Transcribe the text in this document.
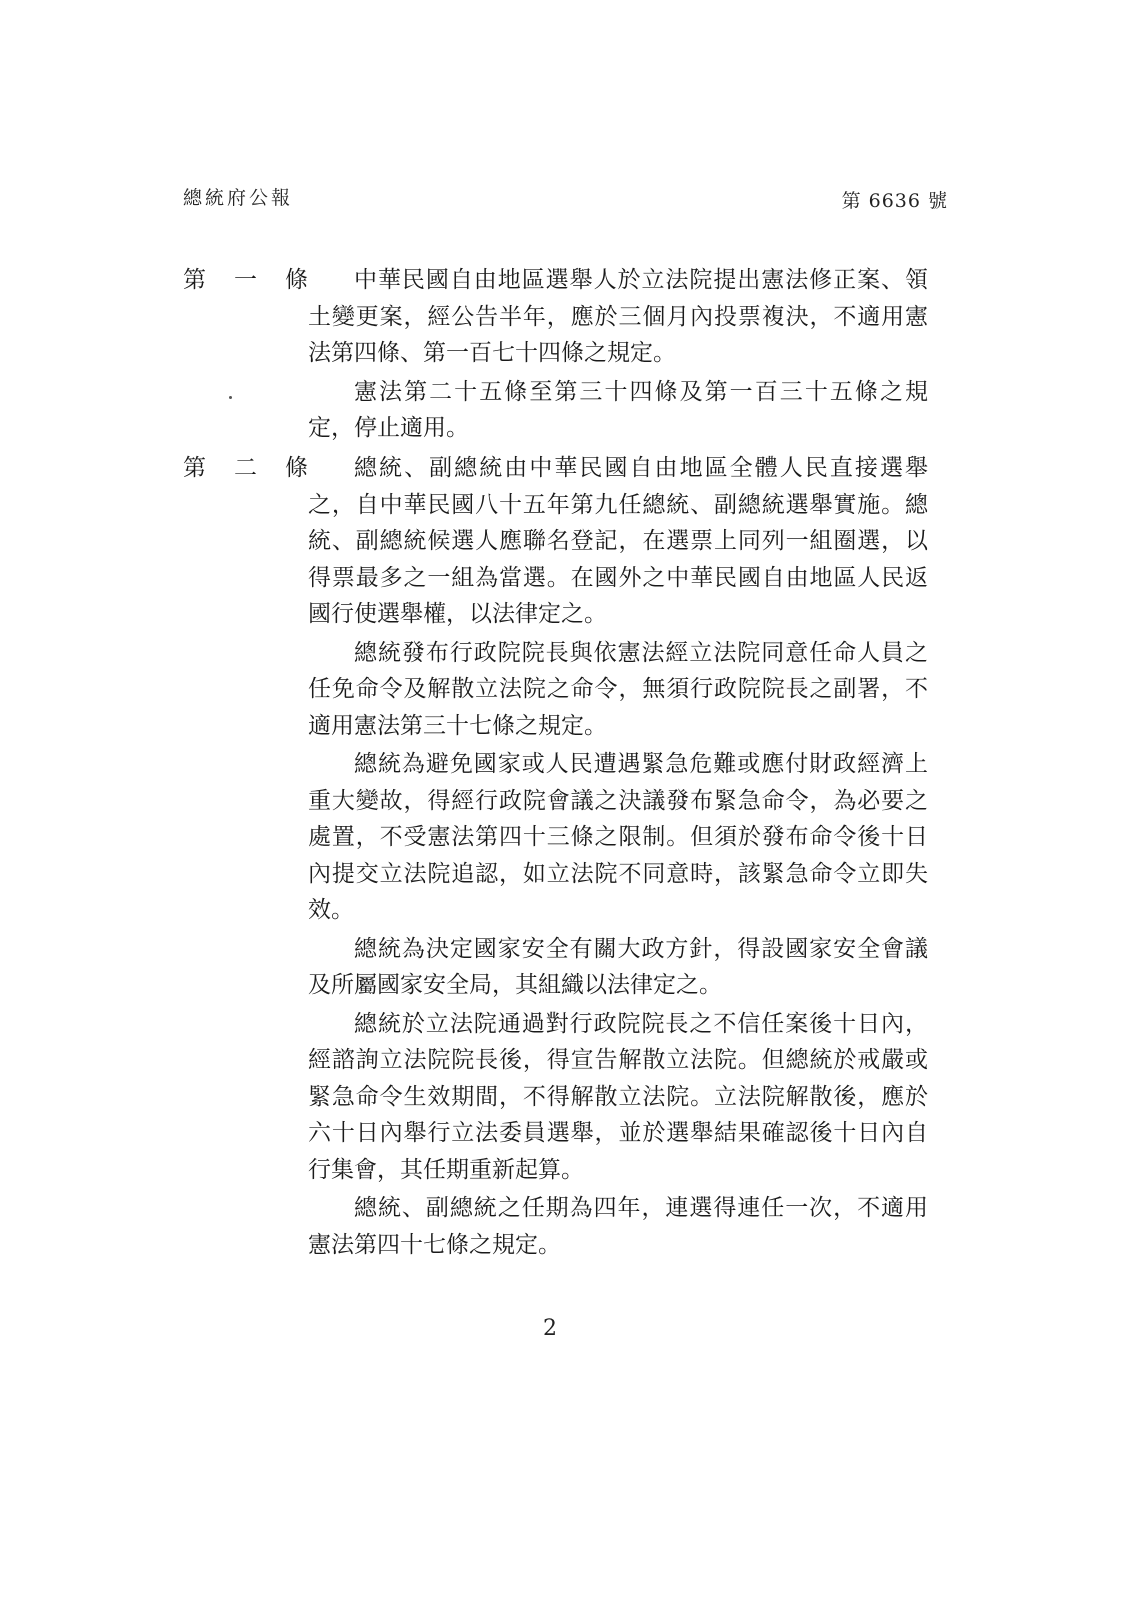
總統府公報	第 6636 號
第 一 條	中華民國自由地區選舉人於立法院提出憲法修正案、領土變更案，經公告半年，應於三個月內投票複決，不適用憲法第四條、第一百七十四條之規定。

憲法第二十五條至第三十四條及第一百三十五條之規定，停止適用。

第 二 條	總統、副總統由中華民國自由地區全體人民直接選舉之，自中華民國八十五年第九任總統、副總統選舉實施。總統、副總統候選人應聯名登記，在選票上同列一組圈選，以得票最多之一組為當選。在國外之中華民國自由地區人民返國行使選舉權，以法律定之。

總統發布行政院院長與依憲法經立法院同意任命人員之任免命令及解散立法院之命令，無須行政院院長之副署，不適用憲法第三十七條之規定。

總統為避免國家或人民遭遇緊急危難或應付財政經濟上重大變故，得經行政院會議之決議發布緊急命令，為必要之處置，不受憲法第四十三條之限制。但須於發布命令後十日內提交立法院追認，如立法院不同意時，該緊急命令立即失效。

總統為決定國家安全有關大政方針，得設國家安全會議及所屬國家安全局，其組織以法律定之。

總統於立法院通過對行政院院長之不信任案後十日內，經諮詢立法院院長後，得宣告解散立法院。但總統於戒嚴或緊急命令生效期間，不得解散立法院。立法院解散後，應於六十日內舉行立法委員選舉，並於選舉結果確認後十日內自行集會，其任期重新起算。

總統、副總統之任期為四年，連選得連任一次，不適用憲法第四十七條之規定。

2
